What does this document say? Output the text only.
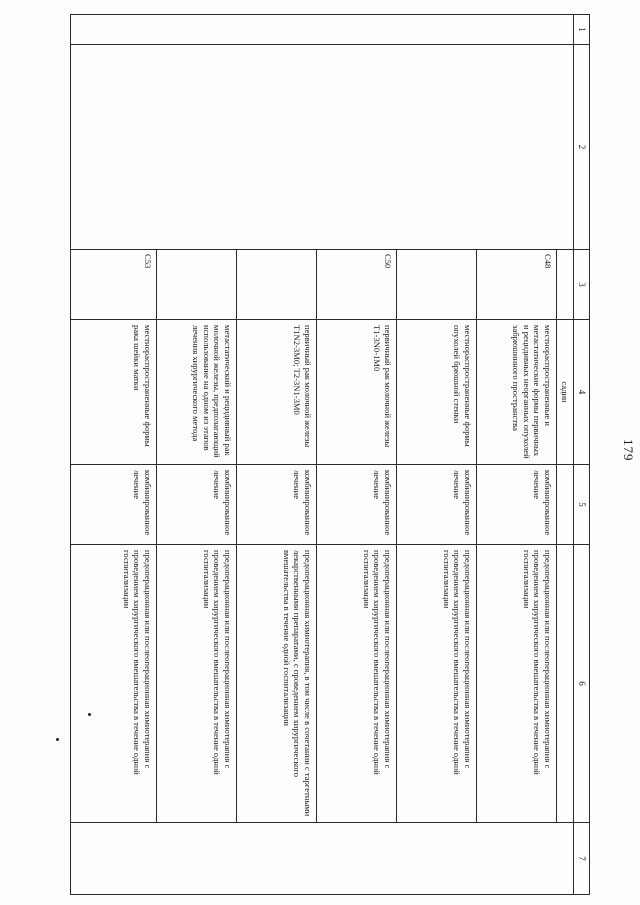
179
1	2	3	4	5	6	7
			садин			
		С48	местнораспространенные и метастатические формы первичных и рецидивных неорганных опухолей забрюшинного пространства	комбинированное лечение	предоперационная или послеоперационная химиотерапия с проведением хирургического вмешательства в течение одной госпитализации	
			местнораспространенные формы опухолей брюшной стенки	комбинированное лечение	предоперационная или послеоперационная химиотерапия с проведением хирургического вмешательства в течение одной госпитализации	
		С50	первичный рак молочной железы T1-3N0-1M0	комбинированное лечение	предоперационная или послеоперационная химиотерапия с проведением хирургического вмешательства в течение одной госпитализации	
			первичный рак молочной железы T1N2-3M0; T2-3N1-3M0	комбинированное лечение	предоперационная химиотерапия, в том числе в сочетании с таргетными лекарственными препаратами, с проведением хирургического вмешательства в течение одной госпитализации	
			метастатический и рецидивный рак молочной железы, предполагающий использование на одном из этапов лечения хирургического метода	комбинированное лечение	предоперационная или послеоперационная химиотерапия с проведением хирургического вмешательства в течение одной госпитализации	
		С53	местнораспространенные формы рака шейки матки	комбинированное лечение	предоперационная или послеоперационная химиотерапия с проведением хирургического вмешательства в течение одной госпитализации	
